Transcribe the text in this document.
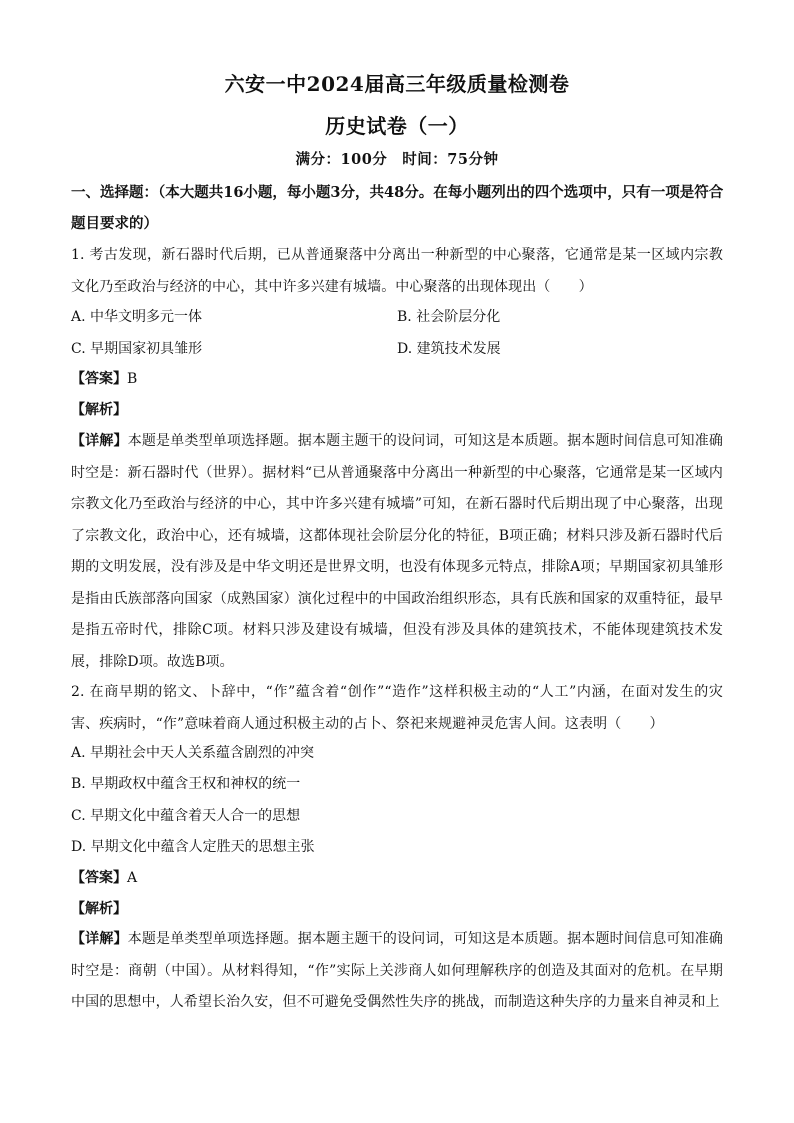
六安一中2024届高三年级质量检测卷
历史试卷（一）
满分：100分　时间：75分钟
一、选择题：（本大题共16小题，每小题3分，共48分。在每小题列出的四个选项中，只有一项是符合题目要求的）
1. 考古发现，新石器时代后期，已从普通聚落中分离出一种新型的中心聚落，它通常是某一区域内宗教文化乃至政治与经济的中心，其中许多兴建有城墙。中心聚落的出现体现出（　　）
A. 中华文明多元一体	B. 社会阶层分化
C. 早期国家初具雏形	D. 建筑技术发展
【答案】B
【解析】
【详解】本题是单类型单项选择题。据本题主题干的设问词，可知这是本质题。据本题时间信息可知准确时空是：新石器时代（世界）。据材料“已从普通聚落中分离出一种新型的中心聚落，它通常是某一区域内宗教文化乃至政治与经济的中心，其中许多兴建有城墙”可知，在新石器时代后期出现了中心聚落，出现了宗教文化，政治中心，还有城墙，这都体现社会阶层分化的特征，B项正确；材料只涉及新石器时代后期的文明发展，没有涉及是中华文明还是世界文明，也没有体现多元特点，排除A项；早期国家初具雏形是指由氏族部落向国家（成熟国家）演化过程中的中国政治组织形态，具有氏族和国家的双重特征，最早是指五帝时代，排除C项。材料只涉及建设有城墙，但没有涉及具体的建筑技术，不能体现建筑技术发展，排除D项。故选B项。
2. 在商早期的铭文、卜辞中，“作”蕴含着“创作”“造作”这样积极主动的“人工”内涵，在面对发生的灾害、疾病时，“作”意味着商人通过积极主动的占卜、祭祀来规避神灵危害人间。这表明（　　）
A. 早期社会中天人关系蕴含剧烈的冲突
B. 早期政权中蕴含王权和神权的统一
C. 早期文化中蕴含着天人合一的思想
D. 早期文化中蕴含人定胜天的思想主张
【答案】A
【解析】
【详解】本题是单类型单项选择题。据本题主题干的设问词，可知这是本质题。据本题时间信息可知准确时空是：商朝（中国）。从材料得知，“作”实际上关涉商人如何理解秩序的创造及其面对的危机。在早期中国的思想中，人希望长治久安，但不可避免受偶然性失序的挑战，而制造这种失序的力量来自神灵和上
